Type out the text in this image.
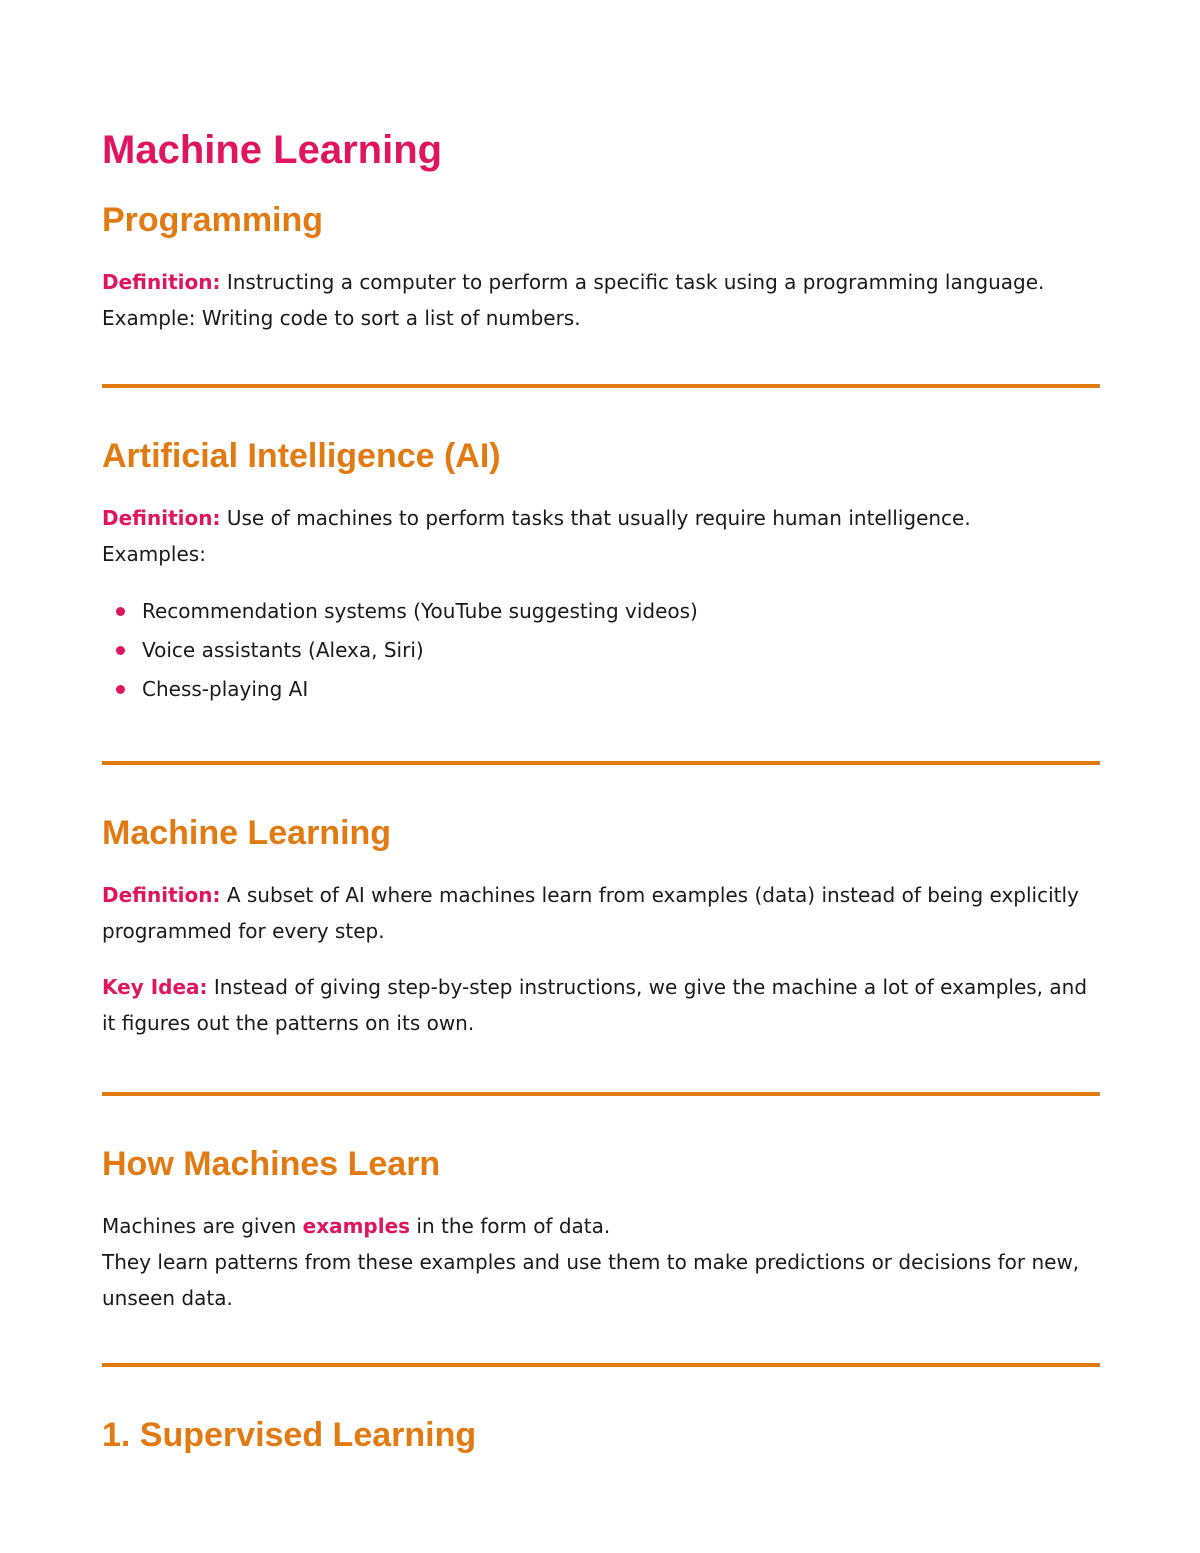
Machine Learning
Programming

Definition: Instructing a computer to perform a specific task using a programming language.
Example: Writing code to sort a list of numbers.

Artificial Intelligence (AI)

Definition: Use of machines to perform tasks that usually require human intelligence.
Examples:

Recommendation systems (YouTube suggesting videos)
Voice assistants (Alexa, Siri)
Chess-playing AI
Machine Learning

Definition: A subset of AI where machines learn from examples (data) instead of being explicitly programmed for every step.

Key Idea: Instead of giving step-by-step instructions, we give the machine a lot of examples, and it figures out the patterns on its own.

How Machines Learn

Machines are given examples in the form of data.
They learn patterns from these examples and use them to make predictions or decisions for new, unseen data.

1. Supervised Learning
